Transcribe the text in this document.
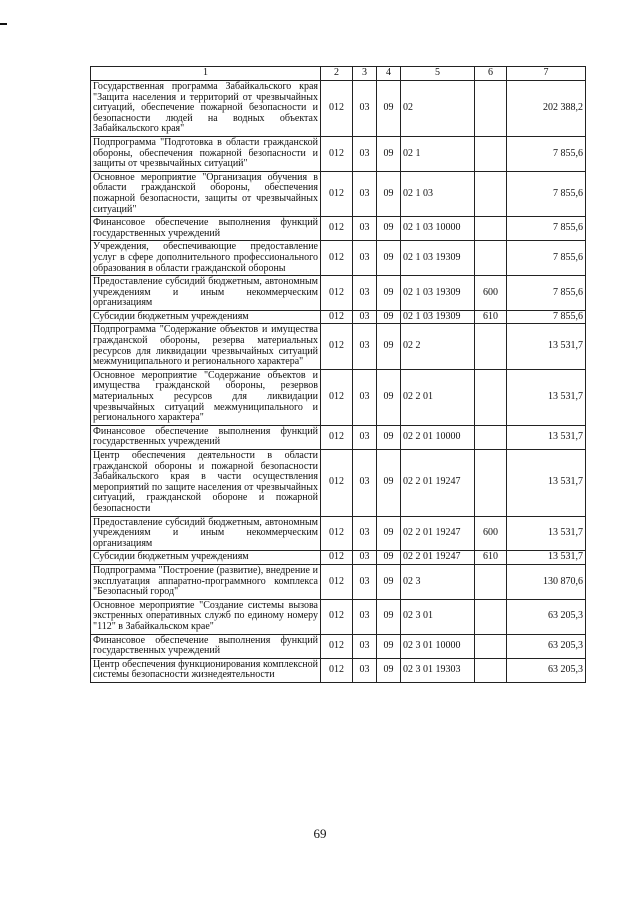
1	2	3	4	5	6	7
Государственная программа Забайкальского края "Защита населения и территорий от чрезвычайных ситуаций, обеспечение пожарной безопасности и безопасности людей на водных объектах Забайкальского края"	012	03	09	02		202 388,2
Подпрограмма "Подготовка в области гражданской обороны, обеспечения пожарной безопасности и защиты от чрезвычайных ситуаций"	012	03	09	02 1		7 855,6
Основное мероприятие "Организация обучения в области гражданской обороны, обеспечения пожарной безопасности, защиты от чрезвычайных ситуаций"	012	03	09	02 1 03		7 855,6
Финансовое обеспечение выполнения функций государственных учреждений	012	03	09	02 1 03 10000		7 855,6
Учреждения, обеспечивающие предоставление услуг в сфере дополнительного профессионального образования в области гражданской обороны	012	03	09	02 1 03 19309		7 855,6
Предоставление субсидий бюджетным, автономным учреждениям и иным некоммерческим организациям	012	03	09	02 1 03 19309	600	7 855,6
Субсидии бюджетным учреждениям	012	03	09	02 1 03 19309	610	7 855,6
Подпрограмма "Содержание объектов и имущества гражданской обороны, резерва материальных ресурсов для ликвидации чрезвычайных ситуаций межмуниципального и регионального характера"	012	03	09	02 2		13 531,7
Основное мероприятие "Содержание объектов и имущества гражданской обороны, резервов материальных ресурсов для ликвидации чрезвычайных ситуаций межмуниципального и регионального характера"	012	03	09	02 2 01		13 531,7
Финансовое обеспечение выполнения функций государственных учреждений	012	03	09	02 2 01 10000		13 531,7
Центр обеспечения деятельности в области гражданской обороны и пожарной безопасности Забайкальского края в части осуществления мероприятий по защите населения от чрезвычайных ситуаций, гражданской обороне и пожарной безопасности	012	03	09	02 2 01 19247		13 531,7
Предоставление субсидий бюджетным, автономным учреждениям и иным некоммерческим организациям	012	03	09	02 2 01 19247	600	13 531,7
Субсидии бюджетным учреждениям	012	03	09	02 2 01 19247	610	13 531,7
Подпрограмма "Построение (развитие), внедрение и эксплуатация аппаратно-программного комплекса "Безопасный город"	012	03	09	02 3		130 870,6
Основное мероприятие "Создание системы вызова экстренных оперативных служб по единому номеру "112" в Забайкальском крае"	012	03	09	02 3 01		63 205,3
Финансовое обеспечение выполнения функций государственных учреждений	012	03	09	02 3 01 10000		63 205,3
Центр обеспечения функционирования комплексной системы безопасности жизнедеятельности	012	03	09	02 3 01 19303		63 205,3
69
